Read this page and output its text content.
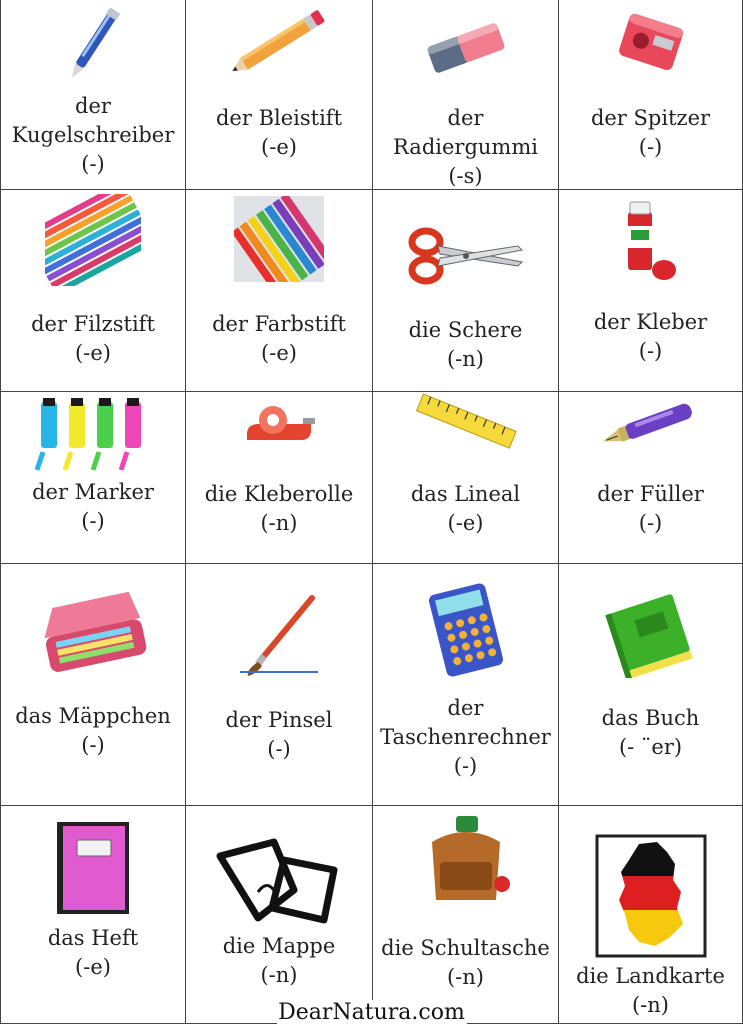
der
Kugelschreiber
(-)
der Bleistift
(-e)
der
Radiergummi
(-s)
der Spitzer
(-)
der Filzstift
(-e)
der Farbstift
(-e)
die Schere
(-n)
der Kleber
(-)
der Marker
(-)
die Kleberolle
(-n)
das Lineal
(-e)
der Füller
(-)
das Mäppchen
(-)
der Pinsel
(-)
der
Taschenrechner
(-)
das Buch
(- ¨er)
das Heft
(-e)
die Mappe
(-n)
die Schultasche
(-n)	die Landkarte
(-n)
DearNatura.com
